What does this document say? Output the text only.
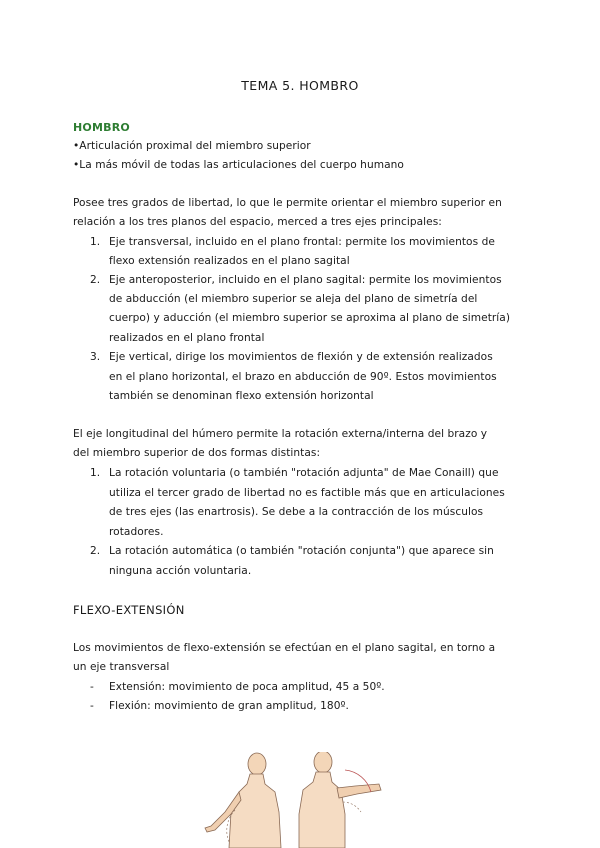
TEMA 5. HOMBRO
HOMBRO
•Articulación proximal del miembro superior
•La más móvil de todas las articulaciones del cuerpo humano
Posee tres grados de libertad, lo que le permite orientar el miembro superior en
relación a los tres planos del espacio, merced a tres ejes principales:
1. Eje transversal, incluido en el plano frontal: permite los movimientos de
flexo extensión realizados en el plano sagital
2. Eje anteroposterior, incluido en el plano sagital: permite los movimientos
de abducción (el miembro superior se aleja del plano de simetría del
cuerpo) y aducción (el miembro superior se aproxima al plano de simetría)
realizados en el plano frontal
3. Eje vertical, dirige los movimientos de flexión y de extensión realizados
en el plano horizontal, el brazo en abducción de 90º. Estos movimientos
también se denominan flexo extensión horizontal
El eje longitudinal del húmero permite la rotación externa/interna del brazo y
del miembro superior de dos formas distintas:
1. La rotación voluntaria (o también "rotación adjunta" de Mae Conaill) que
utiliza el tercer grado de libertad no es factible más que en articulaciones
de tres ejes (las enartrosis). Se debe a la contracción de los músculos
rotadores.
2. La rotación automática (o también "rotación conjunta") que aparece sin
ninguna acción voluntaria.
FLEXO-EXTENSIÓN
Los movimientos de flexo-extensión se efectúan en el plano sagital, en torno a
un eje transversal
- Extensión: movimiento de poca amplitud, 45 a 50º.
- Flexión: movimiento de gran amplitud, 180º.
